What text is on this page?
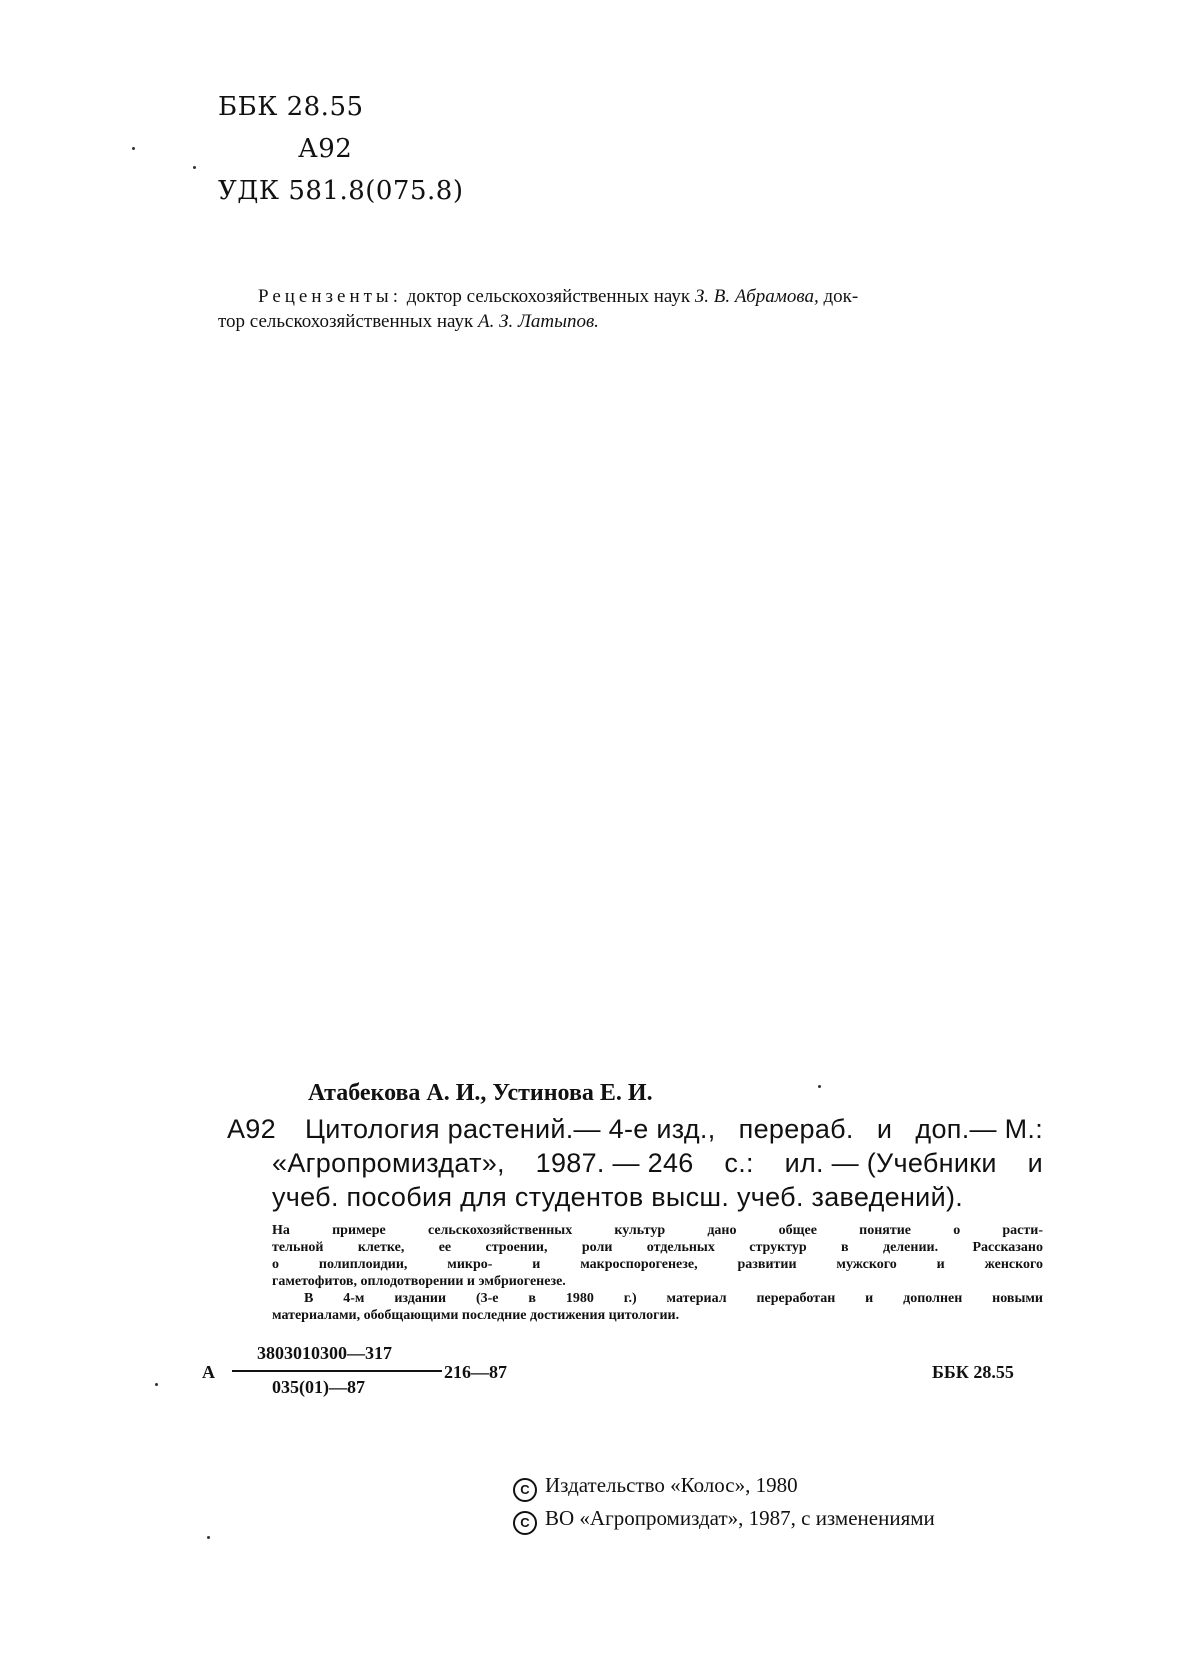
ББК 28.55
А92
УДК 581.8(075.8)
Рецензенты: доктор сельскохозяйственных наук З. В. Абрамова, док-
тор сельскохозяйственных наук А. З. Латыпов.
Атабекова А. И., Устинова Е. И.
А92 Цитология растений.— 4-е изд., перераб. и доп.— М.:
«Агропромиздат», 1987. — 246 с.: ил. — (Учебники и
учеб. пособия для студентов высш. учеб. заведений).
На примере сельскохозяйственных культур дано общее понятие о расти-
тельной клетке, ее строении, роли отдельных структур в делении. Рассказано
о полиплоидии, микро- и макроспорогенезе, развитии мужского и женского
гаметофитов, оплодотворении и эмбриогенезе.
В 4-м издании (3-е в 1980 г.) материал переработан и дополнен новыми
материалами, обобщающими последние достижения цитологии.
А
3803010300—317
035(01)—87
216—87	ББК 28.55
C Издательство «Колос», 1980
C ВО «Агропромиздат», 1987, с изменениями
